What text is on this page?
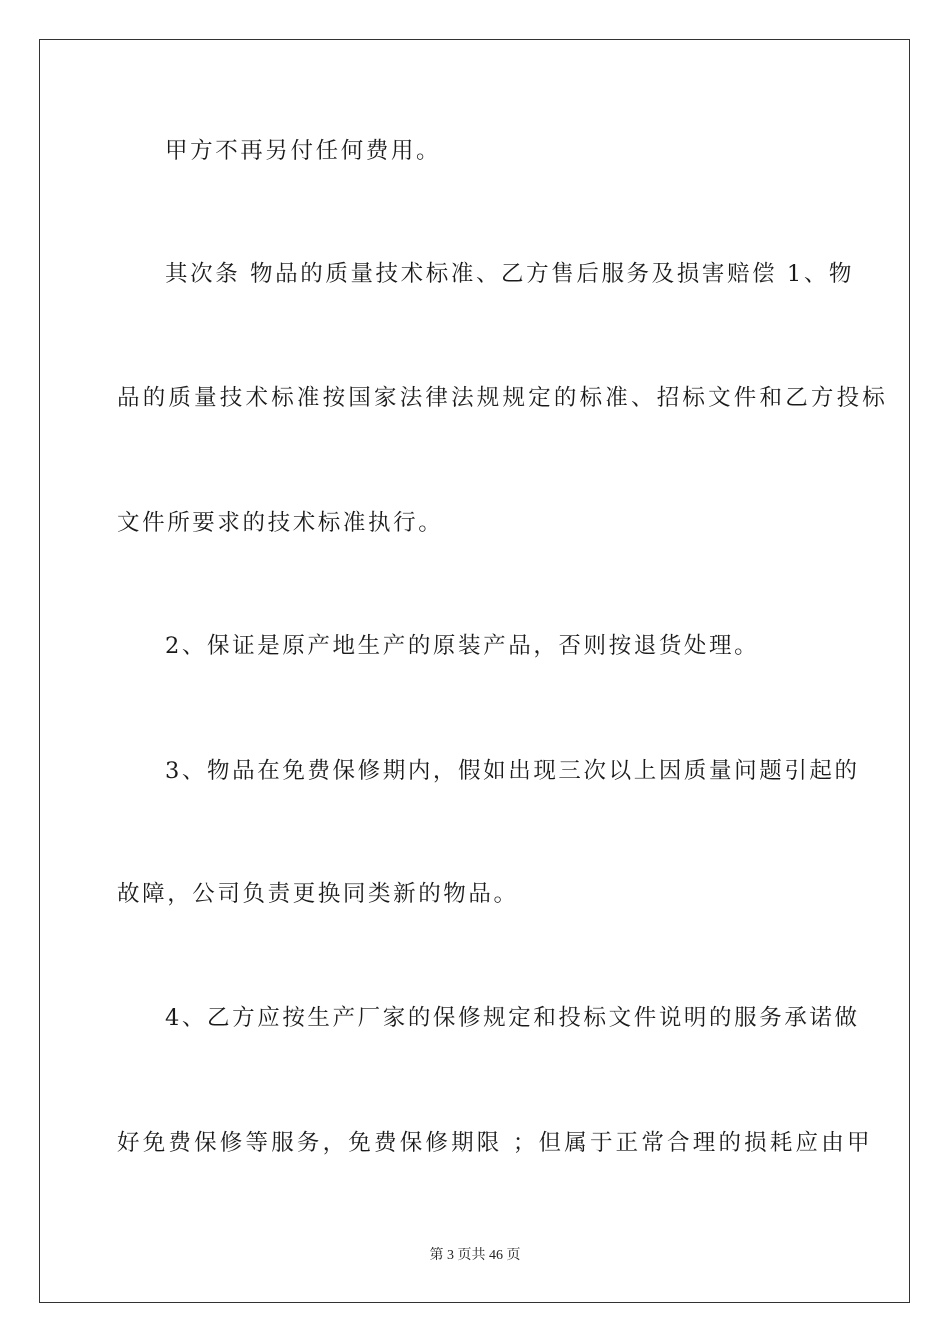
甲方不再另付任何费用。
其次条 物品的质量技术标准、乙方售后服务及损害赔偿 1、物
品的质量技术标准按国家法律法规规定的标准、招标文件和乙方投标
文件所要求的技术标准执行。
2、保证是原产地生产的原装产品，否则按退货处理。
3、物品在免费保修期内，假如出现三次以上因质量问题引起的
故障，公司负责更换同类新的物品。
4、乙方应按生产厂家的保修规定和投标文件说明的服务承诺做
好免费保修等服务，免费保修期限 ；但属于正常合理的损耗应由甲
第 3 页共 46 页
